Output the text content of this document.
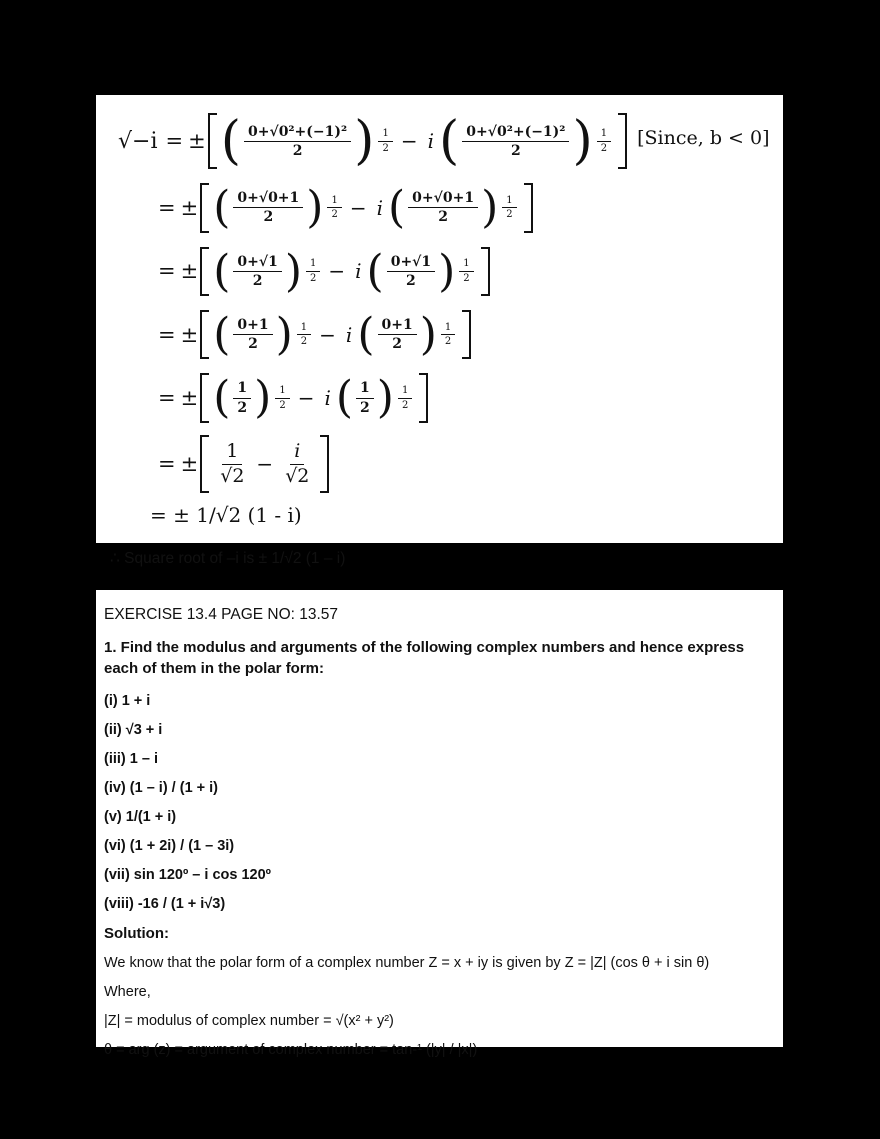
√−i = ± ( $\frac{\text{0+√0²+(−1)²}}{2}$ ) $\frac{1}{2} - i$ ( $\frac{\text{0+√0²+(−1)²}}{2}$ ) $\frac{1}{2}$ [Since, b < 0]
= ± ( $\frac{0+√0+1}{2}$ ) $\frac{1}{2} - i$ ( $\frac{0+√0+1}{2}$ ) $\frac{1}{2}$
= ± ( $\frac{0+√1}{2}$ ) $\frac{1}{2} - i$ ( $\frac{0+√1}{2}$ ) $\frac{1}{2}$
= ± ( $\frac{0+1}{2}$ ) $\frac{1}{2} - i$ ( $\frac{0+1}{2}$ ) $\frac{1}{2}$
= ± ( $\frac{1}{2}$ ) $\frac{1}{2} - i$ ( $\frac{1}{2}$ ) $\frac{1}{2}$
= ± $\frac{1}{√2} - \frac{i}{√2}$
= ± 1/√2 (1 - i)
∴ Square root of –i is ± 1/√2 (1 – i)

EXERCISE 13.4 PAGE NO: 13.57

1. Find the modulus and arguments of the following complex numbers and hence express each of them in the polar form:

(i) 1 + i

(ii) √3 + i

(iii) 1 – i

(iv) (1 – i) / (1 + i)

(v) 1/(1 + i)

(vi) (1 + 2i) / (1 – 3i)

(vii) sin 120º – i cos 120º

(viii) -16 / (1 + i√3)

Solution:

We know that the polar form of a complex number Z = x + iy is given by Z = |Z| (cos θ + i sin θ)

Where,

|Z| = modulus of complex number = √(x² + y²)

θ = arg (z) = argument of complex number = tan-¹ (|y| / |x|)
